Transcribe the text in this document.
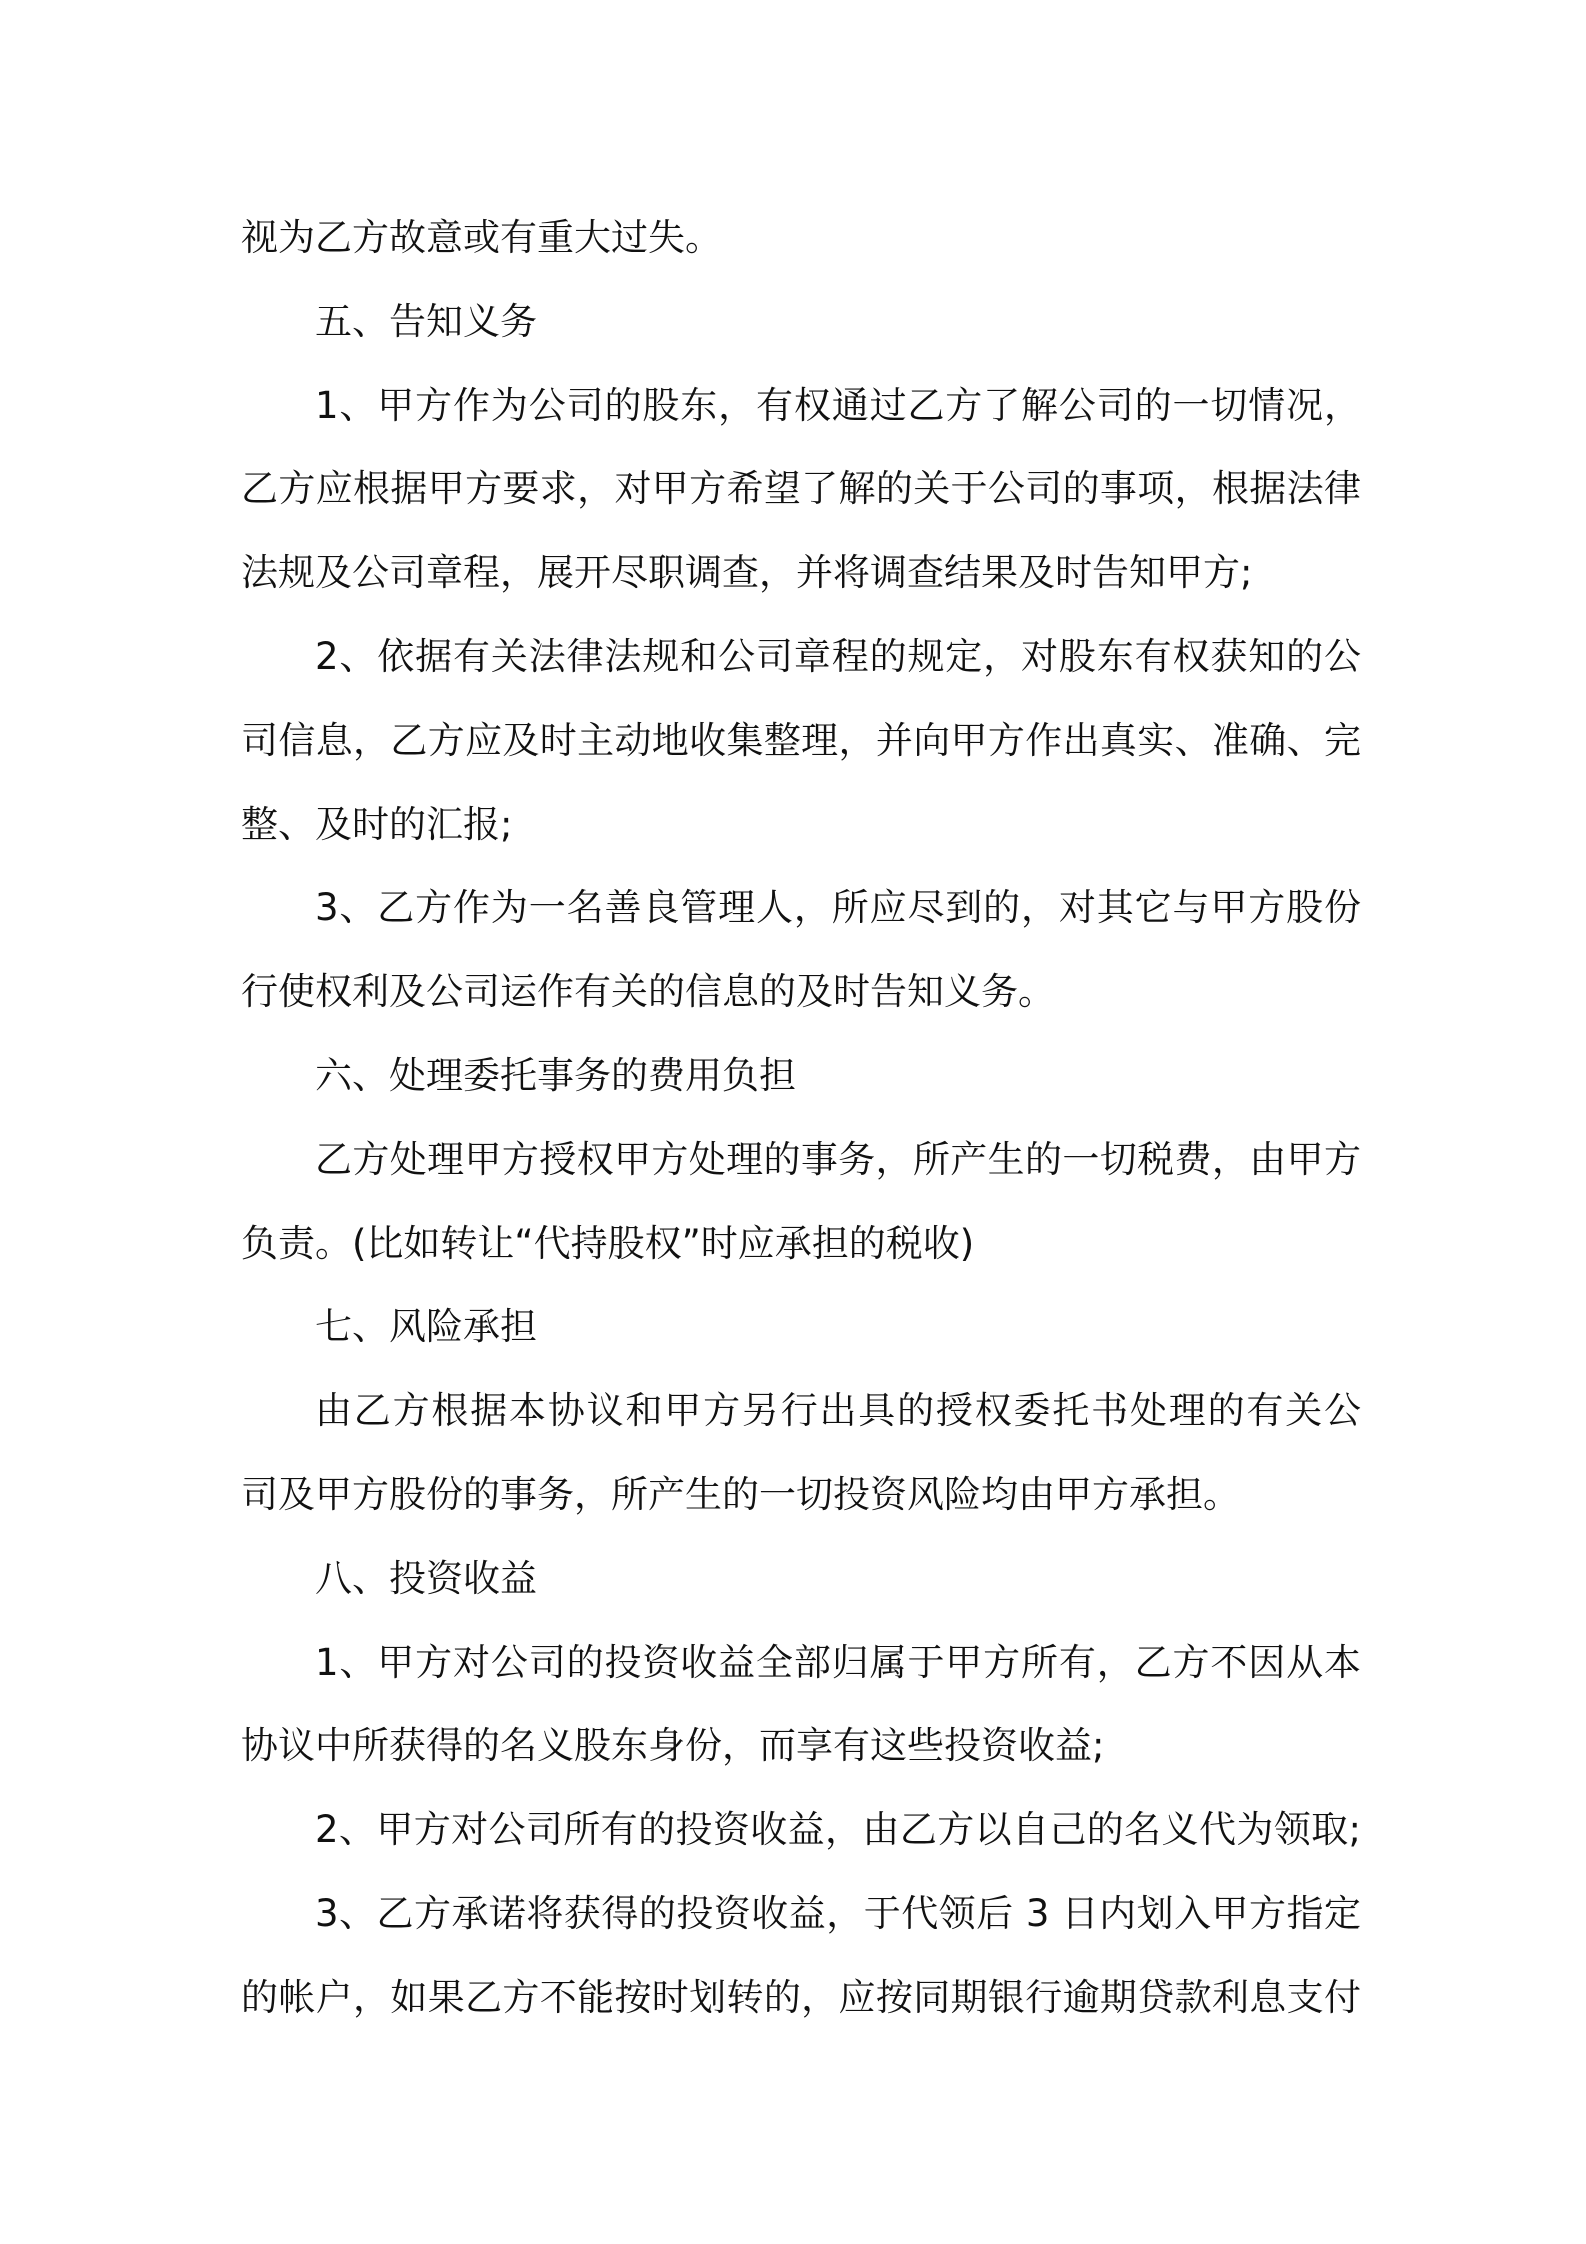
视为乙方故意或有重大过失。
五、告知义务
1、甲方作为公司的股东，有权通过乙方了解公司的一切情况，
乙方应根据甲方要求，对甲方希望了解的关于公司的事项，根据法律
法规及公司章程，展开尽职调查，并将调查结果及时告知甲方;
2、依据有关法律法规和公司章程的规定，对股东有权获知的公
司信息，乙方应及时主动地收集整理，并向甲方作出真实、准确、完
整、及时的汇报;
3、乙方作为一名善良管理人，所应尽到的，对其它与甲方股份
行使权利及公司运作有关的信息的及时告知义务。
六、处理委托事务的费用负担
乙方处理甲方授权甲方处理的事务，所产生的一切税费，由甲方
负责。(比如转让“代持股权”时应承担的税收)
七、风险承担
由乙方根据本协议和甲方另行出具的授权委托书处理的有关公
司及甲方股份的事务，所产生的一切投资风险均由甲方承担。
八、投资收益
1、甲方对公司的投资收益全部归属于甲方所有，乙方不因从本
协议中所获得的名义股东身份，而享有这些投资收益;
2、甲方对公司所有的投资收益，由乙方以自己的名义代为领取;
3、乙方承诺将获得的投资收益，于代领后 3 日内划入甲方指定
的帐户，如果乙方不能按时划转的，应按同期银行逾期贷款利息支付
